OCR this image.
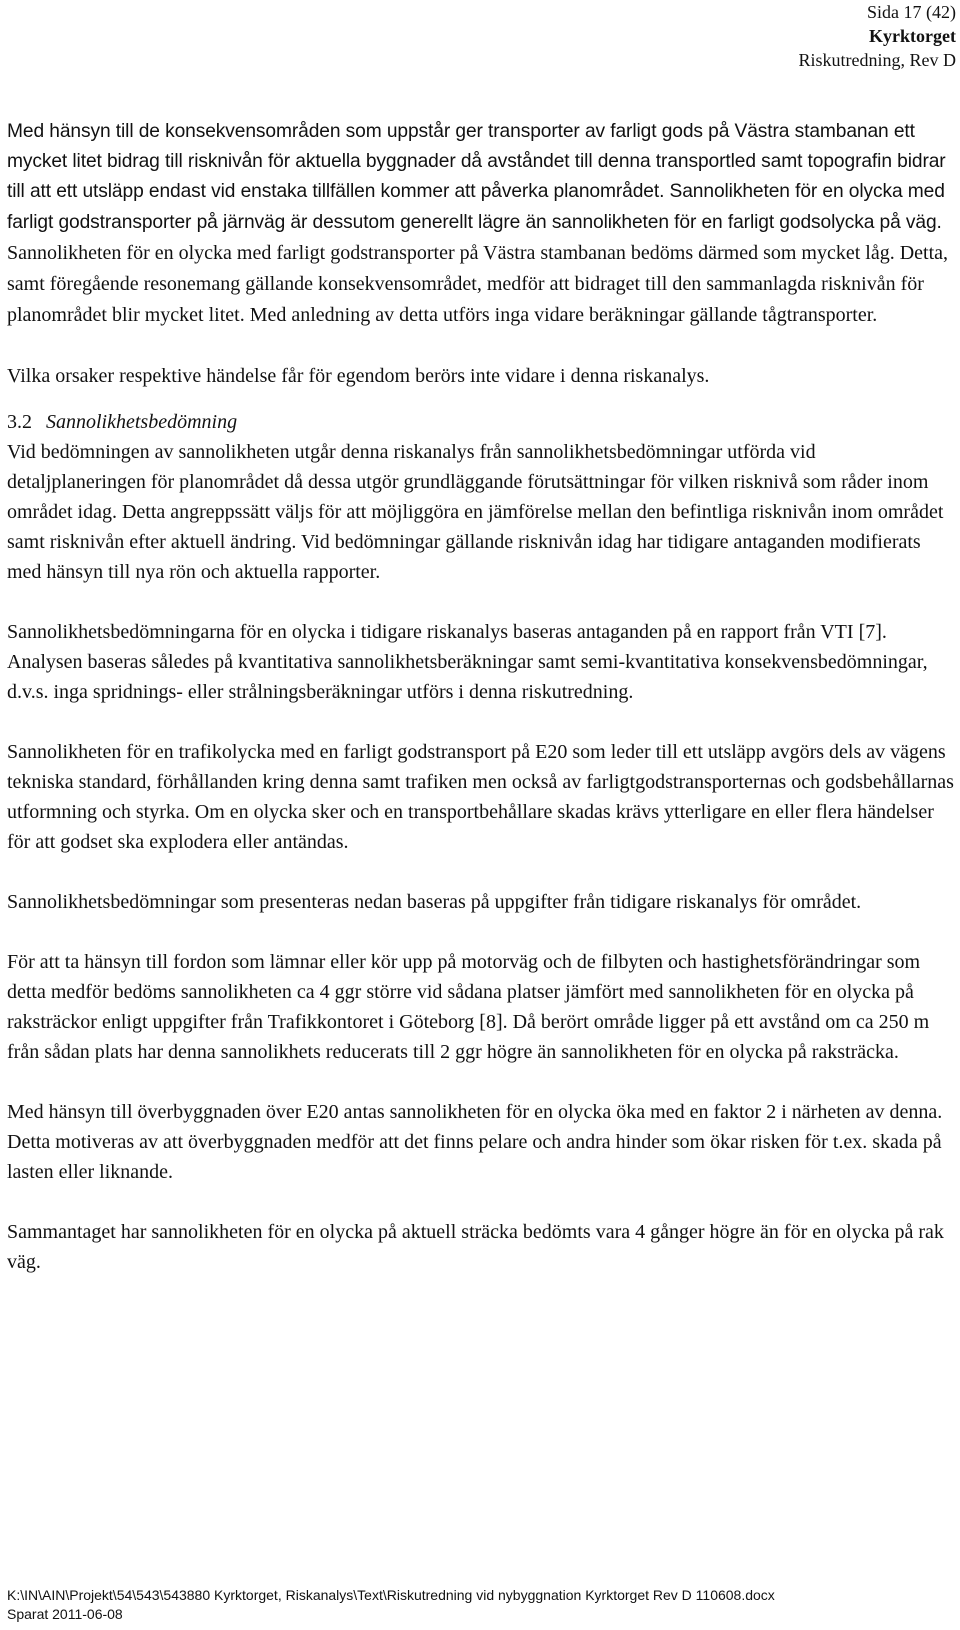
Sida 17 (42)
Kyrktorget
Riskutredning, Rev D

Med hänsyn till de konsekvensområden som uppstår ger transporter av farligt gods på Västra stambanan ett mycket litet bidrag till risknivån för aktuella byggnader då avståndet till denna transportled samt topografin bidrar till att ett utsläpp endast vid enstaka tillfällen kommer att påverka planområdet. Sannolikheten för en olycka med farligt godstransporter på järnväg är dessutom generellt lägre än sannolikheten för en farligt godsolycka på väg. Sannolikheten för en olycka med farligt godstransporter på Västra stambanan bedöms därmed som mycket låg. Detta, samt föregående resonemang gällande konsekvensområdet, medför att bidraget till den sammanlagda risknivån för planområdet blir mycket litet. Med anledning av detta utförs inga vidare beräkningar gällande tågtransporter.

Vilka orsaker respektive händelse får för egendom berörs inte vidare i denna riskanalys.

3.2 Sannolikhetsbedömning

Vid bedömningen av sannolikheten utgår denna riskanalys från sannolikhetsbedömningar utförda vid detaljplaneringen för planområdet då dessa utgör grundläggande förutsättningar för vilken risknivå som råder inom området idag. Detta angreppssätt väljs för att möjliggöra en jämförelse mellan den befintliga risknivån inom området samt risknivån efter aktuell ändring. Vid bedömningar gällande risknivån idag har tidigare antaganden modifierats med hänsyn till nya rön och aktuella rapporter.

Sannolikhetsbedömningarna för en olycka i tidigare riskanalys baseras antaganden på en rapport från VTI [7]. Analysen baseras således på kvantitativa sannolikhetsberäkningar samt semi-kvantitativa konsekvensbedömningar, d.v.s. inga spridnings- eller strålningsberäkningar utförs i denna riskutredning.

Sannolikheten för en trafikolycka med en farligt godstransport på E20 som leder till ett utsläpp avgörs dels av vägens tekniska standard, förhållanden kring denna samt trafiken men också av farligtgodstransporternas och godsbehållarnas utformning och styrka. Om en olycka sker och en transportbehållare skadas krävs ytterligare en eller flera händelser för att godset ska explodera eller antändas.

Sannolikhetsbedömningar som presenteras nedan baseras på uppgifter från tidigare riskanalys för området.

För att ta hänsyn till fordon som lämnar eller kör upp på motorväg och de filbyten och hastighetsförändringar som detta medför bedöms sannolikheten ca 4 ggr större vid sådana platser jämfört med sannolikheten för en olycka på raksträckor enligt uppgifter från Trafikkontoret i Göteborg [8]. Då berört område ligger på ett avstånd om ca 250 m från sådan plats har denna sannolikhets reducerats till 2 ggr högre än sannolikheten för en olycka på raksträcka.

Med hänsyn till överbyggnaden över E20 antas sannolikheten för en olycka öka med en faktor 2 i närheten av denna. Detta motiveras av att överbyggnaden medför att det finns pelare och andra hinder som ökar risken för t.ex. skada på lasten eller liknande.

Sammantaget har sannolikheten för en olycka på aktuell sträcka bedömts vara 4 gånger högre än för en olycka på rak väg.

K:\IN\AIN\Projekt\54\543\543880 Kyrktorget, Riskanalys\Text\Riskutredning vid nybyggnation Kyrktorget Rev D 110608.docx
Sparat 2011-06-08
